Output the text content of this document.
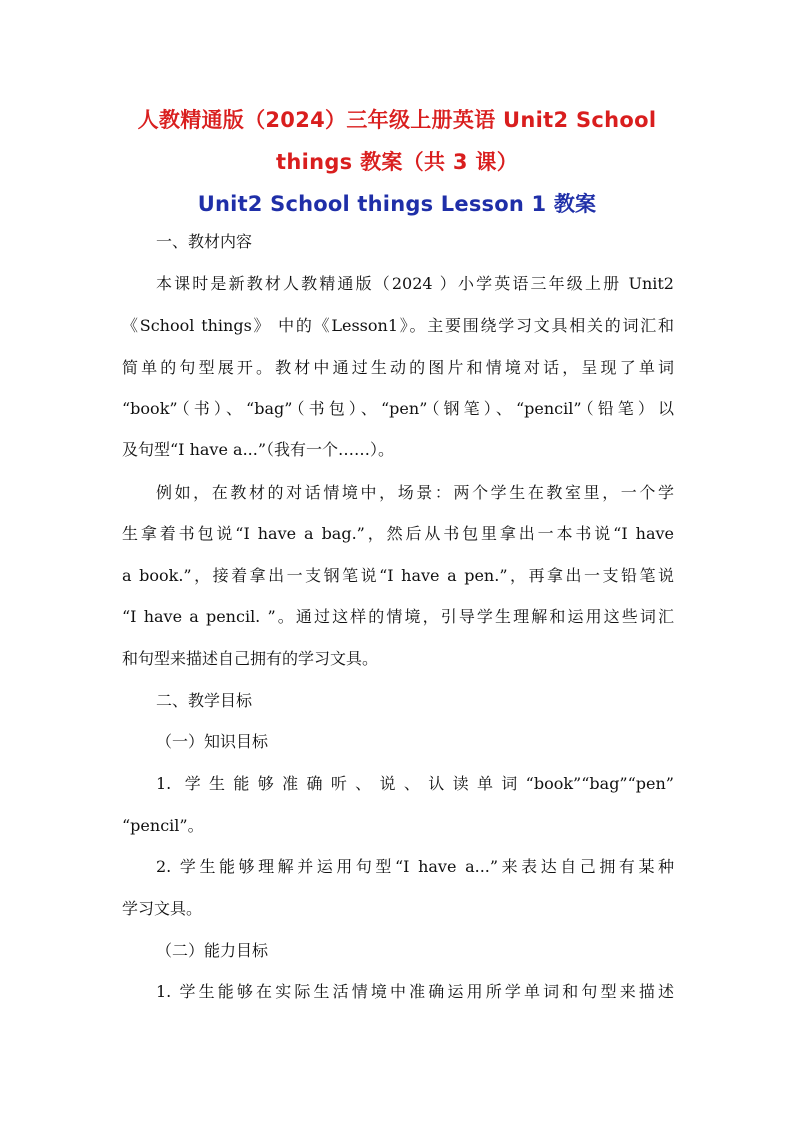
人教精通版（2024）三年级上册英语 Unit2 School
things 教案（共 3 课）
Unit2 School things Lesson 1 教案
一、教材内容
本课时是新教材人教精通版（2024 ）小学英语三年级上册 Unit2
《School things》 中的《Lesson1》。主要围绕学习文具相关的词汇和
简单的句型展开。教材中通过生动的图片和情境对话，呈现了单词
“book”（书）、“bag”（书包）、“pen”（钢笔）、“pencil”（铅笔）以
及句型“I have a...”（我有一个……）。
例如，在教材的对话情境中，场景：两个学生在教室里，一个学
生拿着书包说“I have a bag.”，然后从书包里拿出一本书说“I have
a book.”，接着拿出一支钢笔说“I have a pen.”，再拿出一支铅笔说
“I have a pencil. ”。通过这样的情境，引导学生理解和运用这些词汇
和句型来描述自己拥有的学习文具。
二、教学目标
（一）知识目标
1. 学生能够准确听、说、认读单词“book”“bag”“pen”
“pencil”。
2. 学生能够理解并运用句型“I have a...”来表达自己拥有某种
学习文具。
（二）能力目标
1. 学生能够在实际生活情境中准确运用所学单词和句型来描述
